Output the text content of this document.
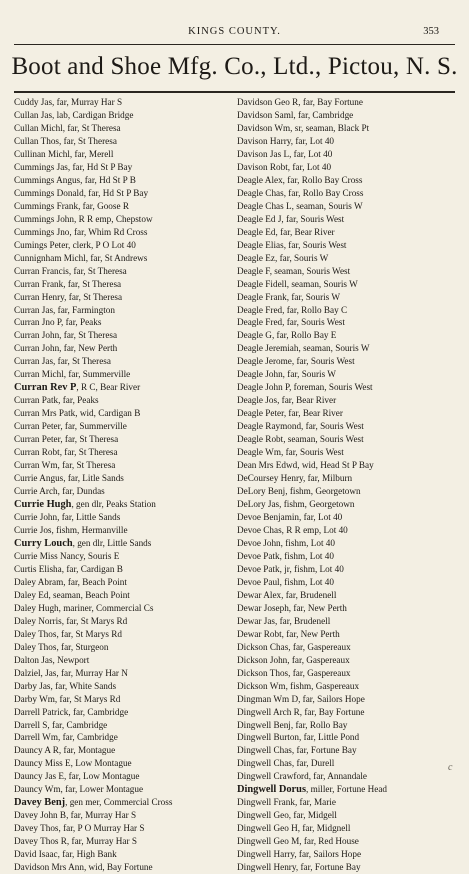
KINGS COUNTY.	353
Boot and Shoe Mfg. Co., Ltd., Pictou, N. S.
Cuddy Jas, far, Murray Har S
Cullan Jas, lab, Cardigan Bridge
Cullan Michl, far, St Theresa
Cullan Thos, far, St Theresa
Cullinan Michl, far, Merell
Cummings Jas, far, Hd St P Bay
Cummings Angus, far, Hd St P B
Cummings Donald, far, Hd St P Bay
Cummings Frank, far, Goose R
Cummings John, R R emp, Chepstow
Cummings Jno, far, Whim Rd Cross
Cumings Peter, clerk, P O Lot 40
Cunnignham Michl, far, St Andrews
Curran Francis, far, St Theresa
Curran Frank, far, St Theresa
Curran Henry, far, St Theresa
Curran Jas, far, Farmington
Curran Jno P, far, Peaks
Curran John, far, St Theresa
Curran John, far, New Perth
Curran Jas, far, St Theresa
Curran Michl, far, Summerville
Curran Rev P, R C, Bear River
Curran Patk, far, Peaks
Curran Mrs Patk, wid, Cardigan B
Curran Peter, far, Summerville
Curran Peter, far, St Theresa
Curran Robt, far, St Theresa
Curran Wm, far, St Theresa
Currie Angus, far, Litle Sands
Currie Arch, far, Dundas
Currie Hugh, gen dlr, Peaks Station
Currie John, far, Little Sands
Currie Jos, fishm, Hermanville
Curry Louch, gen dlr, Little Sands
Currie Miss Nancy, Souris E
Curtis Elisha, far, Cardigan B
Daley Abram, far, Beach Point
Daley Ed, seaman, Beach Point
Daley Hugh, mariner, Commercial Cs
Daley Norris, far, St Marys Rd
Daley Thos, far, St Marys Rd
Daley Thos, far, Sturgeon
Dalton Jas, Newport
Dalziel, Jas, far, Murray Har N
Darby Jas, far, White Sands
Darby Wm, far, St Marys Rd
Darrell Patrick, far, Cambridge
Darrell S, far, Cambridge
Darrell Wm, far, Cambridge
Dauncy A R, far, Montague
Dauncy Miss E, Low Montague
Dauncy Jas E, far, Low Montague
Dauncy Wm, far, Lower Montague
Davey Benj, gen mer, Commercial Cross
Davey John B, far, Murray Har S
Davey Thos, far, P O Murray Har S
Davey Thos R, far, Murray Har S
David Isaac, far, High Bank
Davidson Mrs Ann, wid, Bay Fortune
Davidson Geo R, far, Bay Fortune
Davidson Saml, far, Cambridge
Davidson Wm, sr, seaman, Black Pt
Davison Harry, far, Lot 40
Davison Jas L, far, Lot 40
Davison Robt, far, Lot 40
Deagle Alex, far, Rollo Bay Cross
Deagle Chas, far, Rollo Bay Cross
Deagle Chas L, seaman, Souris W
Deagle Ed J, far, Souris West
Deagle Ed, far, Bear River
Deagle Elias, far, Souris West
Deagle Ez, far, Souris W
Deagle F, seaman, Souris West
Deagle Fidell, seaman, Souris W
Deagle Frank, far, Souris W
Deagle Fred, far, Rollo Bay C
Deagle Fred, far, Souris West
Deagle G, far, Rollo Bay E
Deagle Jeremiah, seaman, Souris W
Deagle Jerome, far, Souris West
Deagle John, far, Souris W
Deagle John P, foreman, Souris West
Deagle Jos, far, Bear River
Deagle Peter, far, Bear River
Deagle Raymond, far, Souris West
Deagle Robt, seaman, Souris West
Deagle Wm, far, Souris West
Dean Mrs Edwd, wid, Head St P Bay
DeCoursey Henry, far, Milburn
DeLory Benj, fishm, Georgetown
DeLory Jas, fishm, Georgetown
Devoe Benjamin, far, Lot 40
Devoe Chas, R R emp, Lot 40
Devoe John, fishm, Lot 40
Devoe Patk, fishm, Lot 40
Devoe Patk, jr, fishm, Lot 40
Devoe Paul, fishm, Lot 40
Dewar Alex, far, Brudenell
Dewar Joseph, far, New Perth
Dewar Jas, far, Brudenell
Dewar Robt, far, New Perth
Dickson Chas, far, Gaspereaux
Dickson John, far, Gaspereaux
Dickson Thos, far, Gaspereaux
Dickson Wm, fishm, Gaspereaux
Dingman Wm D, far, Sailors Hope
Dingwell Arch R, far, Bay Fortune
Dingwell Benj, far, Rollo Bay
Dingwell Burton, far, Little Pond
Dingwell Chas, far, Fortune Bay
Dingwell Chas, far, Durell
Dingwell Crawford, far, Annandale
Dingwell Dorus, miller, Fortune Head
Dingwell Frank, far, Marie
Dingwell Geo, far, Midgell
Dingwell Geo H, far, Midgnell
Dingwell Geo M, far, Red House
Dingwell Harry, far, Sailors Hope
Dingwell Henry, far, Fortune Bay
c
